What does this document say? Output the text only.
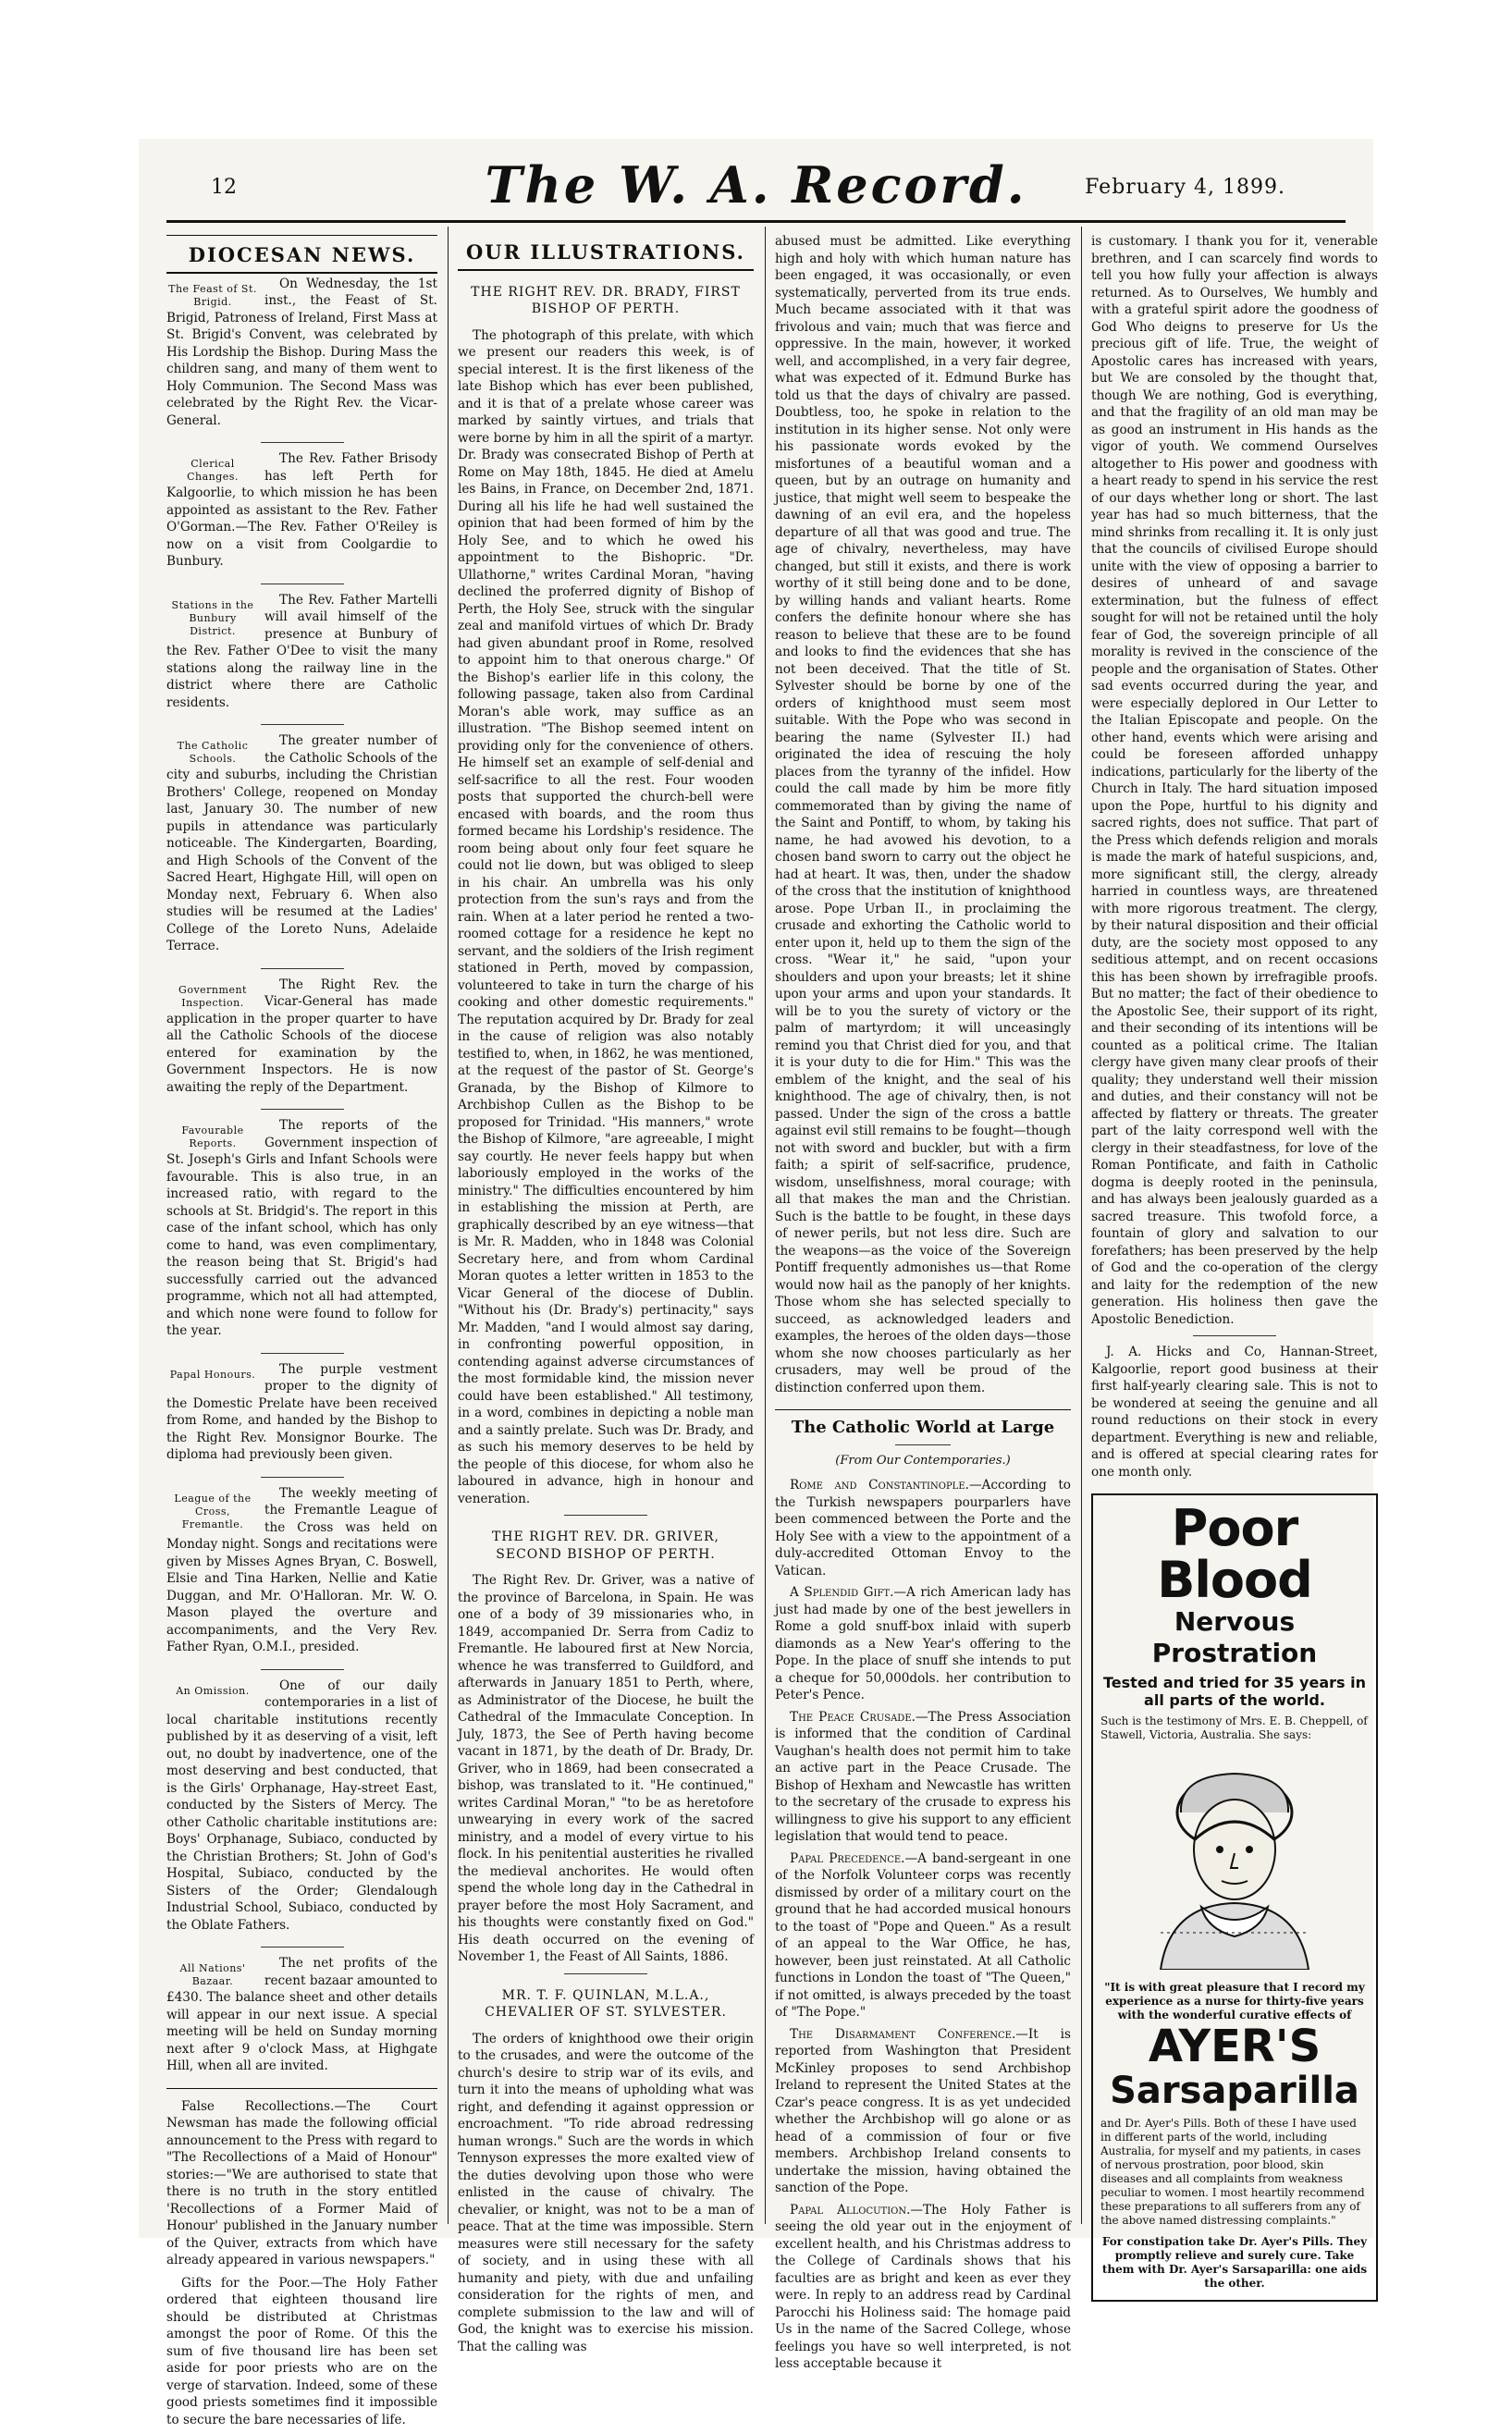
12	The W. A. Record.	February 4, 1899.
DIOCESAN NEWS.
The Feast of St. Brigid.

On Wednesday, the 1st inst., the Feast of St. Brigid, Patroness of Ireland, First Mass at St. Brigid's Convent, was celebrated by His Lordship the Bishop. During Mass the children sang, and many of them went to Holy Communion. The Second Mass was celebrated by the Right Rev. the Vicar-General.

Clerical Changes.

The Rev. Father Brisody has left Perth for Kalgoorlie, to which mission he has been appointed as assistant to the Rev. Father O'Gorman.—The Rev. Father O'Reiley is now on a visit from Coolgardie to Bunbury.

Stations in the Bunbury District.

The Rev. Father Martelli will avail himself of the presence at Bunbury of the Rev. Father O'Dee to visit the many stations along the railway line in the district where there are Catholic residents.

The Catholic Schools.

The greater number of the Catholic Schools of the city and suburbs, including the Christian Brothers' College, reopened on Monday last, January 30. The number of new pupils in attendance was particularly noticeable. The Kindergarten, Boarding, and High Schools of the Convent of the Sacred Heart, Highgate Hill, will open on Monday next, February 6. When also studies will be resumed at the Ladies' College of the Loreto Nuns, Adelaide Terrace.

Government Inspection.

The Right Rev. the Vicar-General has made application in the proper quarter to have all the Catholic Schools of the diocese entered for examination by the Government Inspectors. He is now awaiting the reply of the Department.

Favourable Reports.

The reports of the Government inspection of St. Joseph's Girls and Infant Schools were favourable. This is also true, in an increased ratio, with regard to the schools at St. Bridgid's. The report in this case of the infant school, which has only come to hand, was even complimentary, the reason being that St. Brigid's had successfully carried out the advanced programme, which not all had attempted, and which none were found to follow for the year.

Papal Honours.	The purple vestment proper to the dignity of the Domestic Prelate have been received from Rome, and handed by the Bishop to the Right Rev. Monsignor Bourke. The diploma had previously been given.

League of the Cross, Fremantle.

The weekly meeting of the Fremantle League of the Cross was held on Monday night. Songs and recitations were given by Misses Agnes Bryan, C. Boswell, Elsie and Tina Harken, Nellie and Katie Duggan, and Mr. O'Halloran. Mr. W. O. Mason played the overture and accompaniments, and the Very Rev. Father Ryan, O.M.I., presided.

An Omission.	One of our daily contemporaries in a list of local charitable institutions recently published by it as deserving of a visit, left out, no doubt by inadvertence, one of the most deserving and best conducted, that is the Girls' Orphanage, Hay-street East, conducted by the Sisters of Mercy. The other Catholic charitable institutions are: Boys' Orphanage, Subiaco, conducted by the Christian Brothers; St. John of God's Hospital, Subiaco, conducted by the Sisters of the Order; Glendalough Industrial School, Subiaco, conducted by the Oblate Fathers.

All Nations' Bazaar.

The net profits of the recent bazaar amounted to £430. The balance sheet and other details will appear in our next issue. A special meeting will be held on Sunday morning next after 9 o'clock Mass, at Highgate Hill, when all are invited.

False Recollections.—The Court Newsman has made the following official announcement to the Press with regard to "The Recollections of a Maid of Honour" stories:—"We are authorised to state that there is no truth in the story entitled 'Recollections of a Former Maid of Honour' published in the January number of the Quiver, extracts from which have already appeared in various newspapers."

Gifts for the Poor.—The Holy Father ordered that eighteen thousand lire should be distributed at Christmas amongst the poor of Rome. Of this the sum of five thousand lire has been set aside for poor priests who are on the verge of starvation. Indeed, some of these good priests sometimes find it impossible to secure the bare necessaries of life.

OUR ILLUSTRATIONS.
THE RIGHT REV. DR. BRADY, FIRST BISHOP OF PERTH.

The photograph of this prelate, with which we present our readers this week, is of special interest. It is the first likeness of the late Bishop which has ever been published, and it is that of a prelate whose career was marked by saintly virtues, and trials that were borne by him in all the spirit of a martyr. Dr. Brady was consecrated Bishop of Perth at Rome on May 18th, 1845. He died at Amelu les Bains, in France, on December 2nd, 1871. During all his life he had well sustained the opinion that had been formed of him by the Holy See, and to which he owed his appointment to the Bishopric. "Dr. Ullathorne," writes Cardinal Moran, "having declined the proferred dignity of Bishop of Perth, the Holy See, struck with the singular zeal and manifold virtues of which Dr. Brady had given abundant proof in Rome, resolved to appoint him to that onerous charge." Of the Bishop's earlier life in this colony, the following passage, taken also from Cardinal Moran's able work, may suffice as an illustration. "The Bishop seemed intent on providing only for the convenience of others. He himself set an example of self-denial and self-sacrifice to all the rest. Four wooden posts that supported the church-bell were encased with boards, and the room thus formed became his Lordship's residence. The room being about only four feet square he could not lie down, but was obliged to sleep in his chair. An umbrella was his only protection from the sun's rays and from the rain. When at a later period he rented a two-roomed cottage for a residence he kept no servant, and the soldiers of the Irish regiment stationed in Perth, moved by compassion, volunteered to take in turn the charge of his cooking and other domestic requirements." The reputation acquired by Dr. Brady for zeal in the cause of religion was also notably testified to, when, in 1862, he was mentioned, at the request of the pastor of St. George's Granada, by the Bishop of Kilmore to Archbishop Cullen as the Bishop to be proposed for Trinidad. "His manners," wrote the Bishop of Kilmore, "are agreeable, I might say courtly. He never feels happy but when laboriously employed in the works of the ministry." The difficulties encountered by him in establishing the mission at Perth, are graphically described by an eye witness—that is Mr. R. Madden, who in 1848 was Colonial Secretary here, and from whom Cardinal Moran quotes a letter written in 1853 to the Vicar General of the diocese of Dublin. "Without his (Dr. Brady's) pertinacity," says Mr. Madden, "and I would almost say daring, in confronting powerful opposition, in contending against adverse circumstances of the most formidable kind, the mission never could have been established." All testimony, in a word, combines in depicting a noble man and a saintly prelate. Such was Dr. Brady, and as such his memory deserves to be held by the people of this diocese, for whom also he laboured in advance, high in honour and veneration.

THE RIGHT REV. DR. GRIVER, SECOND BISHOP OF PERTH.

The Right Rev. Dr. Griver, was a native of the province of Barcelona, in Spain. He was one of a body of 39 missionaries who, in 1849, accompanied Dr. Serra from Cadiz to Fremantle. He laboured first at New Norcia, whence he was transferred to Guildford, and afterwards in January 1851 to Perth, where, as Administrator of the Diocese, he built the Cathedral of the Immaculate Conception. In July, 1873, the See of Perth having become vacant in 1871, by the death of Dr. Brady, Dr. Griver, who in 1869, had been consecrated a bishop, was translated to it. "He continued," writes Cardinal Moran," "to be as heretofore unwearying in every work of the sacred ministry, and a model of every virtue to his flock. In his penitential austerities he rivalled the medieval anchorites. He would often spend the whole long day in the Cathedral in prayer before the most Holy Sacrament, and his thoughts were constantly fixed on God." His death occurred on the evening of November 1, the Feast of All Saints, 1886.

MR. T. F. QUINLAN, M.L.A., CHEVALIER OF ST. SYLVESTER.

The orders of knighthood owe their origin to the crusades, and were the outcome of the church's desire to strip war of its evils, and turn it into the means of upholding what was right, and defending it against oppression or encroachment. "To ride abroad redressing human wrongs." Such are the words in which Tennyson expresses the more exalted view of the duties devolving upon those who were enlisted in the cause of chivalry. The chevalier, or knight, was not to be a man of peace. That at the time was impossible. Stern measures were still necessary for the safety of society, and in using these with all humanity and piety, with due and unfailing consideration for the rights of men, and complete submission to the law and will of God, the knight was to exercise his mission. That the calling was

abused must be admitted. Like everything high and holy with which human nature has been engaged, it was occasionally, or even systematically, perverted from its true ends. Much became associated with it that was frivolous and vain; much that was fierce and oppressive. In the main, however, it worked well, and accomplished, in a very fair degree, what was expected of it. Edmund Burke has told us that the days of chivalry are passed. Doubtless, too, he spoke in relation to the institution in its higher sense. Not only were his passionate words evoked by the misfortunes of a beautiful woman and a queen, but by an outrage on humanity and justice, that might well seem to bespeake the dawning of an evil era, and the hopeless departure of all that was good and true. The age of chivalry, nevertheless, may have changed, but still it exists, and there is work worthy of it still being done and to be done, by willing hands and valiant hearts. Rome confers the definite honour where she has reason to believe that these are to be found and looks to find the evidences that she has not been deceived. That the title of St. Sylvester should be borne by one of the orders of knighthood must seem most suitable. With the Pope who was second in bearing the name (Sylvester II.) had originated the idea of rescuing the holy places from the tyranny of the infidel. How could the call made by him be more fitly commemorated than by giving the name of the Saint and Pontiff, to whom, by taking his name, he had avowed his devotion, to a chosen band sworn to carry out the object he had at heart. It was, then, under the shadow of the cross that the institution of knighthood arose. Pope Urban II., in proclaiming the crusade and exhorting the Catholic world to enter upon it, held up to them the sign of the cross. "Wear it," he said, "upon your shoulders and upon your breasts; let it shine upon your arms and upon your standards. It will be to you the surety of victory or the palm of martyrdom; it will unceasingly remind you that Christ died for you, and that it is your duty to die for Him." This was the emblem of the knight, and the seal of his knighthood. The age of chivalry, then, is not passed. Under the sign of the cross a battle against evil still remains to be fought—though not with sword and buckler, but with a firm faith; a spirit of self-sacrifice, prudence, wisdom, unselfishness, moral courage; with all that makes the man and the Christian. Such is the battle to be fought, in these days of newer perils, but not less dire. Such are the weapons—as the voice of the Sovereign Pontiff frequently admonishes us—that Rome would now hail as the panoply of her knights. Those whom she has selected specially to succeed, as acknowledged leaders and examples, the heroes of the olden days—those whom she now chooses particularly as her crusaders, may well be proud of the distinction conferred upon them.

The Catholic World at Large
(From Our Contemporaries.)

Rome and Constantinople.—According to the Turkish newspapers pourparlers have been commenced between the Porte and the Holy See with a view to the appointment of a duly-accredited Ottoman Envoy to the Vatican.

A Splendid Gift.—A rich American lady has just had made by one of the best jewellers in Rome a gold snuff-box inlaid with superb diamonds as a New Year's offering to the Pope. In the place of snuff she intends to put a cheque for 50,000dols. her contribution to Peter's Pence.

The Peace Crusade.—The Press Association is informed that the condition of Cardinal Vaughan's health does not permit him to take an active part in the Peace Crusade. The Bishop of Hexham and Newcastle has written to the secretary of the crusade to express his willingness to give his support to any efficient legislation that would tend to peace.

Papal Precedence.—A band-sergeant in one of the Norfolk Volunteer corps was recently dismissed by order of a military court on the ground that he had accorded musical honours to the toast of "Pope and Queen." As a result of an appeal to the War Office, he has, however, been just reinstated. At all Catholic functions in London the toast of "The Queen," if not omitted, is always preceded by the toast of "The Pope."

The Disarmament Conference.—It is reported from Washington that President McKinley proposes to send Archbishop Ireland to represent the United States at the Czar's peace congress. It is as yet undecided whether the Archbishop will go alone or as head of a commission of four or five members. Archbishop Ireland consents to undertake the mission, having obtained the sanction of the Pope.

Papal Allocution.—The Holy Father is seeing the old year out in the enjoyment of excellent health, and his Christmas address to the College of Cardinals shows that his faculties are as bright and keen as ever they were. In reply to an address read by Cardinal Parocchi his Holiness said: The homage paid Us in the name of the Sacred College, whose feelings you have so well interpreted, is not less acceptable because it

is customary. I thank you for it, venerable brethren, and I can scarcely find words to tell you how fully your affection is always returned. As to Ourselves, We humbly and with a grateful spirit adore the goodness of God Who deigns to preserve for Us the precious gift of life. True, the weight of Apostolic cares has increased with years, but We are consoled by the thought that, though We are nothing, God is everything, and that the fragility of an old man may be as good an instrument in His hands as the vigor of youth. We commend Ourselves altogether to His power and goodness with a heart ready to spend in his service the rest of our days whether long or short. The last year has had so much bitterness, that the mind shrinks from recalling it. It is only just that the councils of civilised Europe should unite with the view of opposing a barrier to desires of unheard of and savage extermination, but the fulness of effect sought for will not be retained until the holy fear of God, the sovereign principle of all morality is revived in the conscience of the people and the organisation of States. Other sad events occurred during the year, and were especially deplored in Our Letter to the Italian Episcopate and people. On the other hand, events which were arising and could be foreseen afforded unhappy indications, particularly for the liberty of the Church in Italy. The hard situation imposed upon the Pope, hurtful to his dignity and sacred rights, does not suffice. That part of the Press which defends religion and morals is made the mark of hateful suspicions, and, more significant still, the clergy, already harried in countless ways, are threatened with more rigorous treatment. The clergy, by their natural disposition and their official duty, are the society most opposed to any seditious attempt, and on recent occasions this has been shown by irrefragible proofs. But no matter; the fact of their obedience to the Apostolic See, their support of its right, and their seconding of its intentions will be counted as a political crime. The Italian clergy have given many clear proofs of their quality; they understand well their mission and duties, and their constancy will not be affected by flattery or threats. The greater part of the laity correspond well with the clergy in their steadfastness, for love of the Roman Pontificate, and faith in Catholic dogma is deeply rooted in the peninsula, and has always been jealously guarded as a sacred treasure. This twofold force, a fountain of glory and salvation to our forefathers; has been preserved by the help of God and the co-operation of the clergy and laity for the redemption of the new generation. His holiness then gave the Apostolic Benediction.

J. A. Hicks and Co, Hannan-Street, Kalgoorlie, report good business at their first half-yearly clearing sale. This is not to be wondered at seeing the genuine and all round reductions on their stock in every department. Everything is new and reliable, and is offered at special clearing rates for one month only.

Poor Blood
Nervous Prostration
Tested and tried for 35 years in all parts of the world.
Such is the testimony of Mrs. E. B. Cheppell, of Stawell, Victoria, Australia. She says:
"It is with great pleasure that I record my experience as a nurse for thirty-five years with the wonderful curative effects of
AYER'S
Sarsaparilla
and Dr. Ayer's Pills. Both of these I have used in different parts of the world, including Australia, for myself and my patients, in cases of nervous prostration, poor blood, skin diseases and all complaints from weakness peculiar to women. I most heartily recommend these preparations to all sufferers from any of the above named distressing complaints."
For constipation take Dr. Ayer's Pills. They promptly relieve and surely cure. Take them with Dr. Ayer's Sarsaparilla: one aids the other.
